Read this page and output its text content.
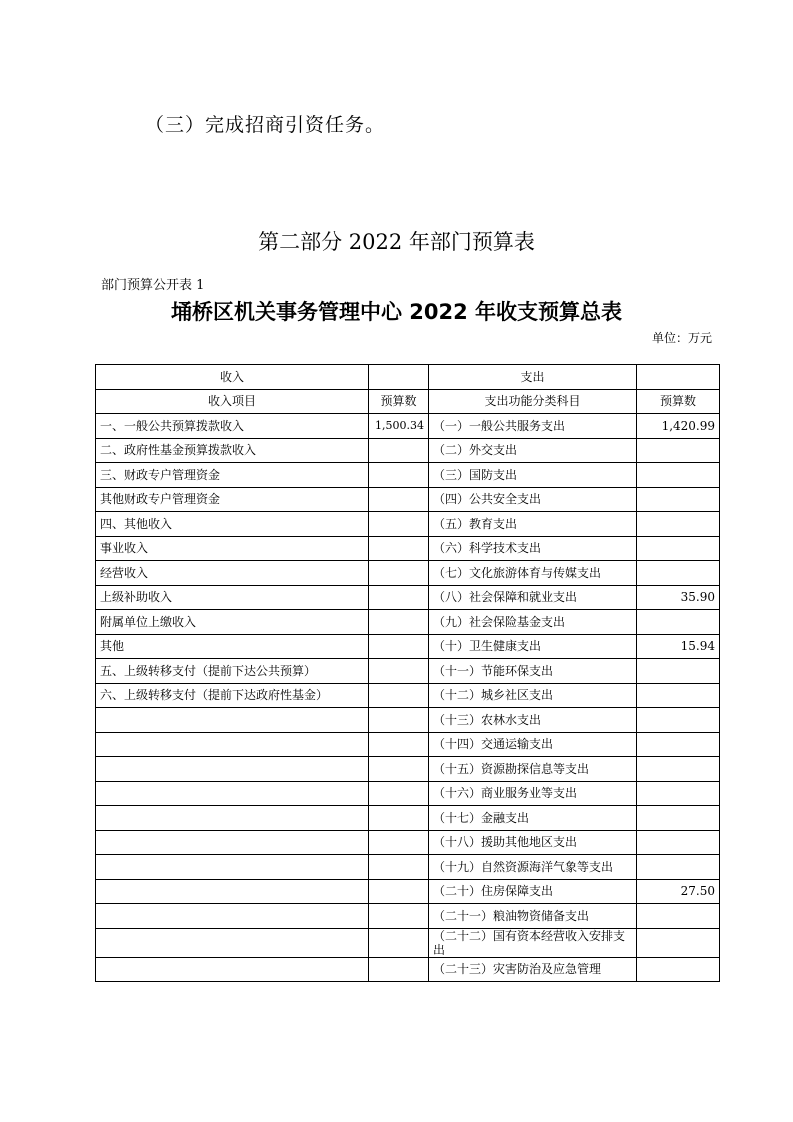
（三）完成招商引资任务。
第二部分 2022 年部门预算表
部门预算公开表 1
埇桥区机关事务管理中心 2022 年收支预算总表
单位：万元
收入		支出	
收入项目	预算数	支出功能分类科目	预算数
一、一般公共预算拨款收入	1,500.34	（一）一般公共服务支出	1,420.99
二、政府性基金预算拨款收入		（二）外交支出	
三、财政专户管理资金		（三）国防支出	
其他财政专户管理资金		（四）公共安全支出	
四、其他收入		（五）教育支出	
事业收入		（六）科学技术支出	
经营收入		（七）文化旅游体育与传媒支出	
上级补助收入		（八）社会保障和就业支出	35.90
附属单位上缴收入		（九）社会保险基金支出	
其他		（十）卫生健康支出	15.94
五、上级转移支付（提前下达公共预算）		（十一）节能环保支出	
六、上级转移支付（提前下达政府性基金）		（十二）城乡社区支出	
		（十三）农林水支出	
		（十四）交通运输支出	
		（十五）资源勘探信息等支出	
		（十六）商业服务业等支出	
		（十七）金融支出	
		（十八）援助其他地区支出	
		（十九）自然资源海洋气象等支出	
		（二十）住房保障支出	27.50
		（二十一）粮油物资储备支出	
		（二十二）国有资本经营收入安排支出	
		（二十三）灾害防治及应急管理	
